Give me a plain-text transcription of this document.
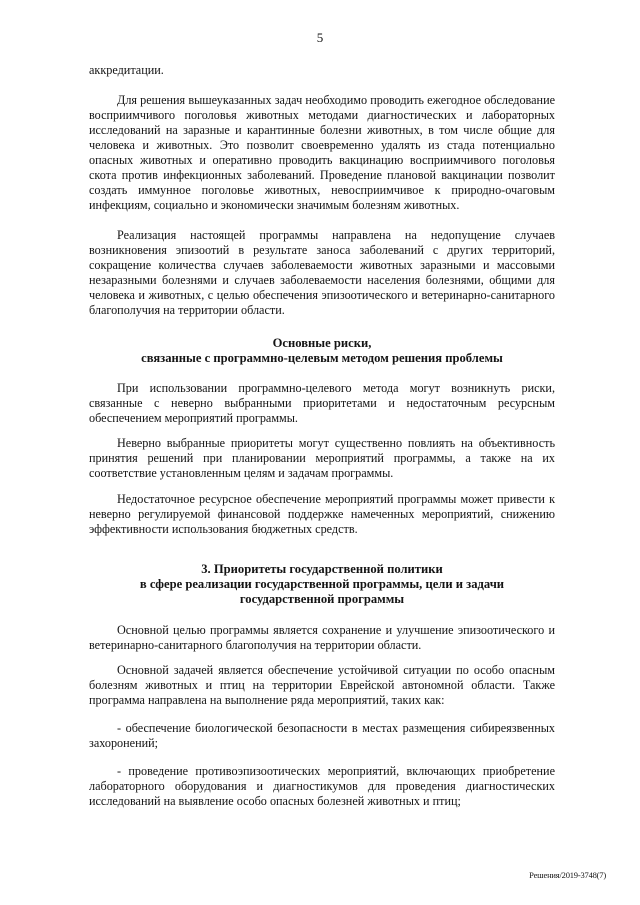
5

аккредитации.

Для решения вышеуказанных задач необходимо проводить ежегодное обследование восприимчивого поголовья животных методами диагностических и лабораторных исследований на заразные и карантинные болезни животных, в том числе общие для человека и животных. Это позволит своевременно удалять из стада потенциально опасных животных и оперативно проводить вакцинацию восприимчивого поголовья скота против инфекционных заболеваний. Проведение плановой вакцинации позволит создать иммунное поголовье животных, невосприимчивое к природно-очаговым инфекциям, социально и экономически значимым болезням животных.

Реализация настоящей программы направлена на недопущение случаев возникновения эпизоотий в результате заноса заболеваний с других территорий, сокращение количества случаев заболеваемости животных заразными и массовыми незаразными болезнями и случаев заболеваемости населения болезнями, общими для человека и животных, с целью обеспечения эпизоотического и ветеринарно-санитарного благополучия на территории области.

Основные риски,
связанные с программно-целевым методом решения проблемы

При использовании программно-целевого метода могут возникнуть риски, связанные с неверно выбранными приоритетами и недостаточным ресурсным обеспечением мероприятий программы.

Неверно выбранные приоритеты могут существенно повлиять на объективность принятия решений при планировании мероприятий программы, а также на их соответствие установленным целям и задачам программы.

Недостаточное ресурсное обеспечение мероприятий программы может привести к неверно регулируемой финансовой поддержке намеченных мероприятий, снижению эффективности использования бюджетных средств.

3. Приоритеты государственной политики
в сфере реализации государственной программы, цели и задачи
государственной программы

Основной целью программы является сохранение и улучшение эпизоотического и ветеринарно-санитарного благополучия на территории области.

Основной задачей является обеспечение устойчивой ситуации по особо опасным болезням животных и птиц на территории Еврейской автономной области. Также программа направлена на выполнение ряда мероприятий, таких как:

- обеспечение биологической безопасности в местах размещения сибиреязвенных захоронений;

- проведение противоэпизоотических мероприятий, включающих приобретение лабораторного оборудования и диагностикумов для проведения диагностических исследований на выявление особо опасных болезней животных и птиц;

Решения/2019-3748(7)
